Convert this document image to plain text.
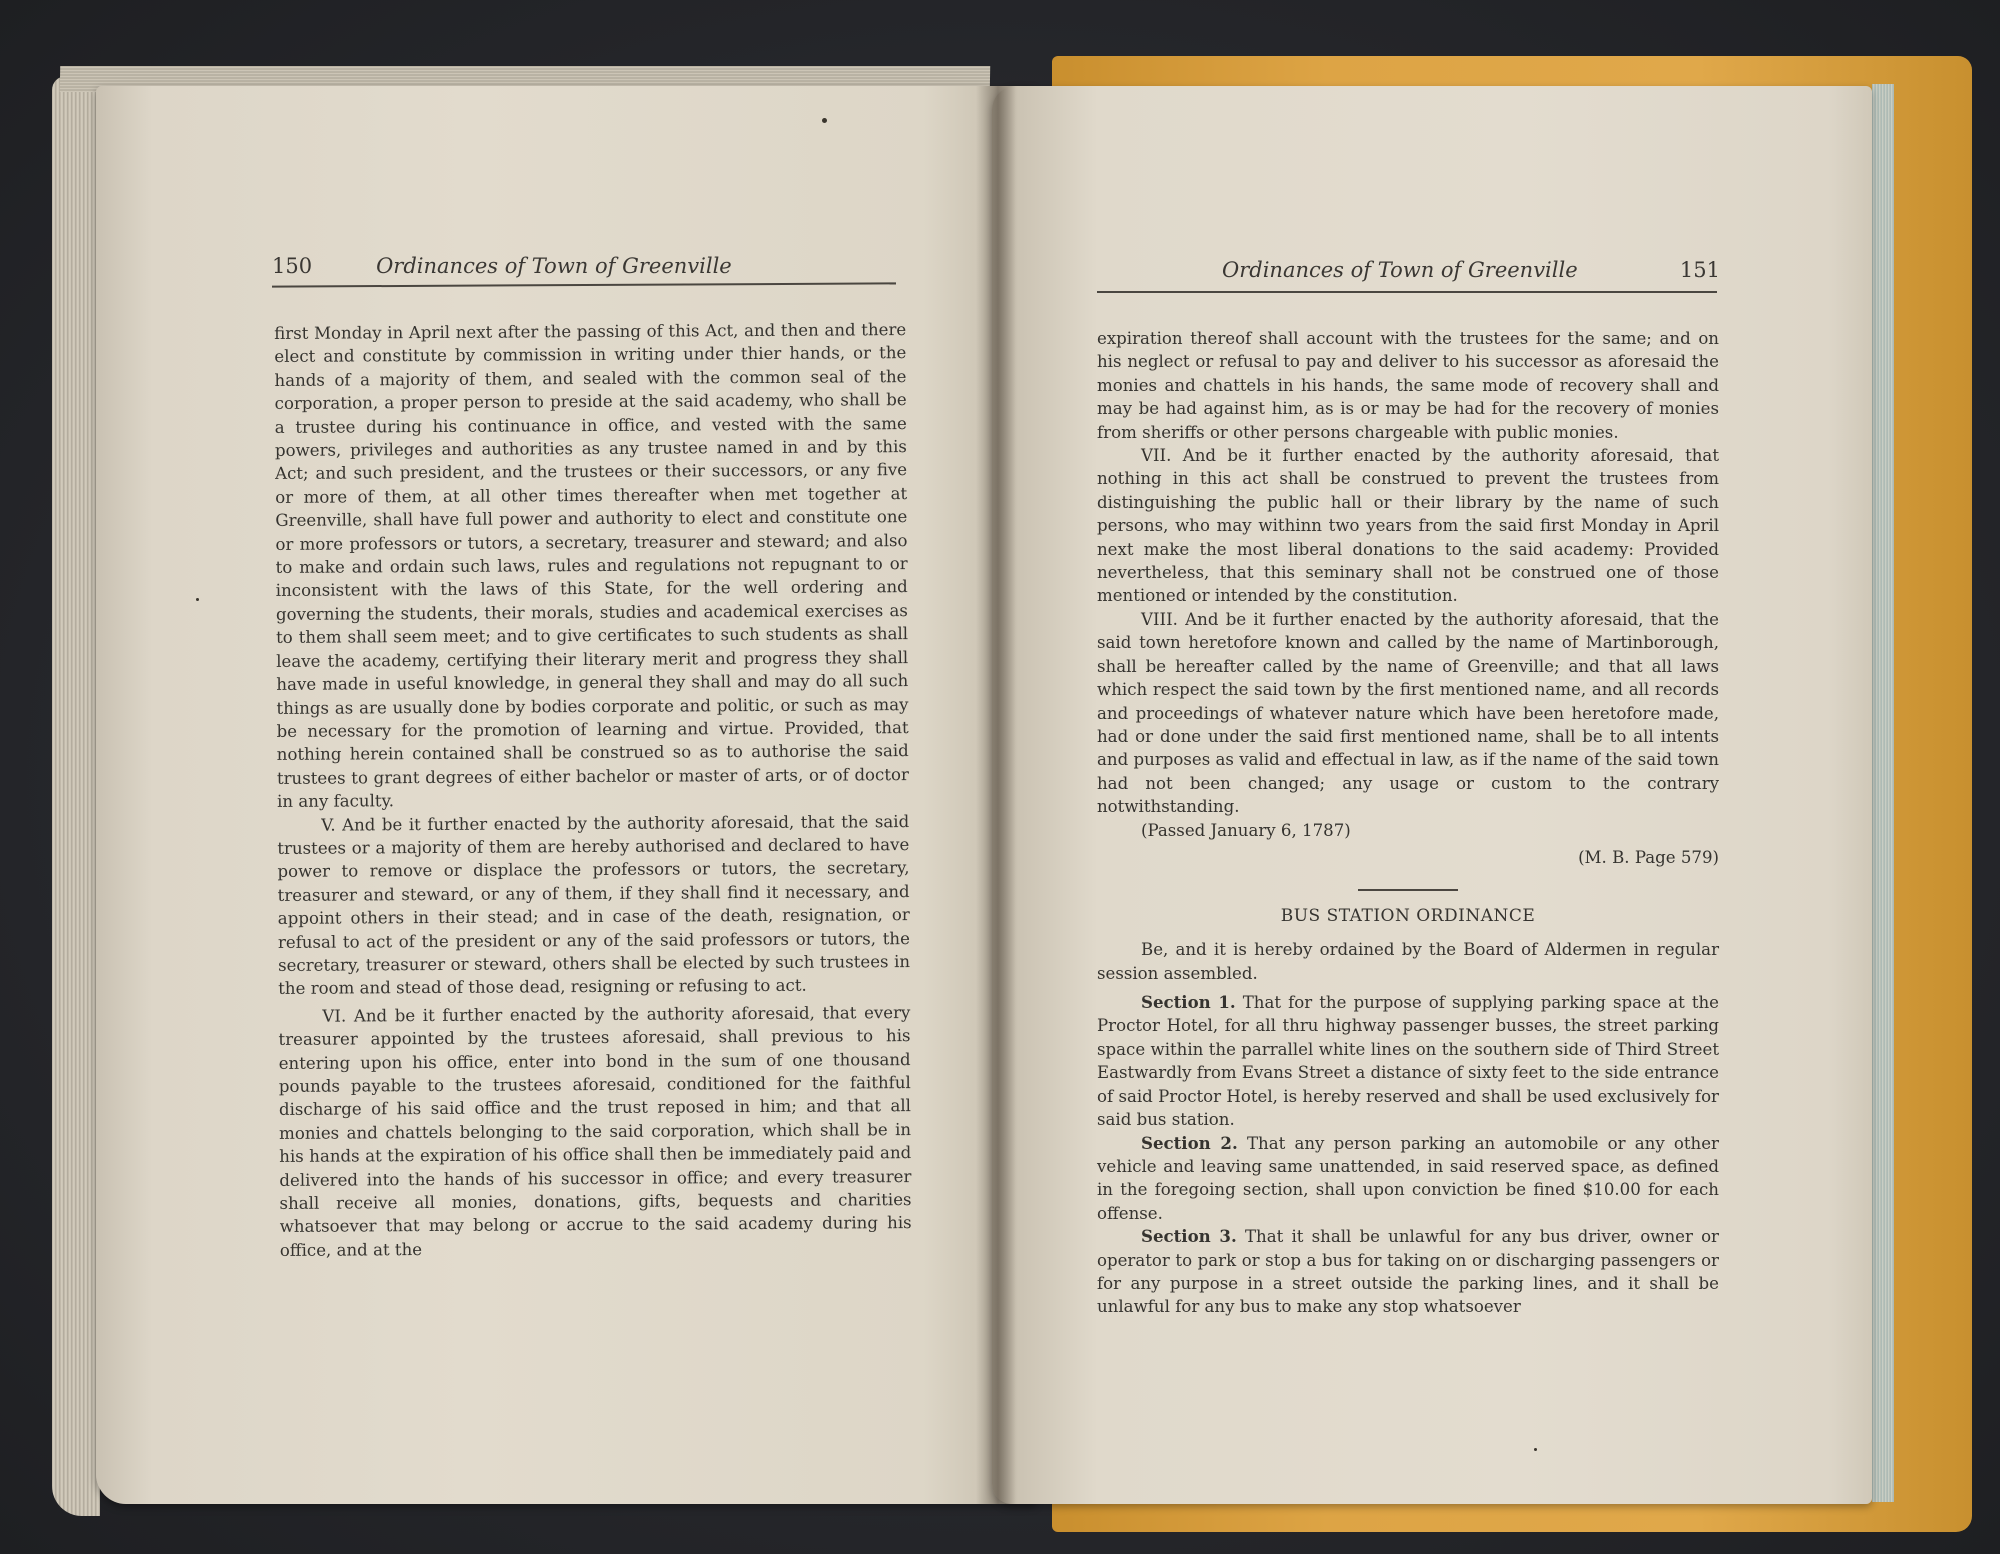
150	Ordinances of Town of Greenville

first Monday in April next after the passing of this Act, and then and there elect and constitute by commission in writing under thier hands, or the hands of a majority of them, and sealed with the common seal of the corporation, a proper person to preside at the said academy, who shall be a trustee during his continuance in office, and vested with the same powers, privileges and authorities as any trustee named in and by this Act; and such president, and the trustees or their successors, or any five or more of them, at all other times thereafter when met together at Greenville, shall have full power and authority to elect and constitute one or more professors or tutors, a secretary, treasurer and steward; and also to make and ordain such laws, rules and regulations not repugnant to or inconsistent with the laws of this State, for the well ordering and governing the students, their morals, studies and academical exercises as to them shall seem meet; and to give certificates to such students as shall leave the academy, certifying their literary merit and progress they shall have made in useful knowledge, in general they shall and may do all such things as are usually done by bodies corporate and politic, or such as may be necessary for the promotion of learning and virtue. Provided, that nothing herein contained shall be construed so as to authorise the said trustees to grant degrees of either bachelor or master of arts, or of doctor in any faculty.

V. And be it further enacted by the authority aforesaid, that the said trustees or a majority of them are hereby authorised and declared to have power to remove or displace the professors or tutors, the secretary, treasurer and steward, or any of them, if they shall find it necessary, and appoint others in their stead; and in case of the death, resignation, or refusal to act of the president or any of the said professors or tutors, the secretary, treasurer or steward, others shall be elected by such trustees in the room and stead of those dead, resigning or refusing to act.

VI. And be it further enacted by the authority aforesaid, that every treasurer appointed by the trustees aforesaid, shall previous to his entering upon his office, enter into bond in the sum of one thousand pounds payable to the trustees aforesaid, conditioned for the faithful discharge of his said office and the trust reposed in him; and that all monies and chattels belonging to the said corporation, which shall be in his hands at the expiration of his office shall then be immediately paid and delivered into the hands of his successor in office; and every treasurer shall receive all monies, donations, gifts, bequests and charities whatsoever that may belong or accrue to the said academy during his office, and at the

Ordinances of Town of Greenville	151

expiration thereof shall account with the trustees for the same; and on his neglect or refusal to pay and deliver to his successor as aforesaid the monies and chattels in his hands, the same mode of recovery shall and may be had against him, as is or may be had for the recovery of monies from sheriffs or other persons chargeable with public monies.

VII. And be it further enacted by the authority aforesaid, that nothing in this act shall be construed to prevent the trustees from distinguishing the public hall or their library by the name of such persons, who may withinn two years from the said first Monday in April next make the most liberal donations to the said academy: Provided nevertheless, that this seminary shall not be construed one of those mentioned or intended by the constitution.

VIII. And be it further enacted by the authority aforesaid, that the said town heretofore known and called by the name of Martinborough, shall be hereafter called by the name of Greenville; and that all laws which respect the said town by the first mentioned name, and all records and proceedings of whatever nature which have been heretofore made, had or done under the said first mentioned name, shall be to all intents and purposes as valid and effectual in law, as if the name of the said town had not been changed; any usage or custom to the contrary notwithstanding.

(Passed January 6, 1787)

(M. B. Page 579)

BUS STATION ORDINANCE

Be, and it is hereby ordained by the Board of Aldermen in regular session assembled.

Section 1. That for the purpose of supplying parking space at the Proctor Hotel, for all thru highway passenger busses, the street parking space within the parrallel white lines on the southern side of Third Street Eastwardly from Evans Street a distance of sixty feet to the side entrance of said Proctor Hotel, is hereby reserved and shall be used exclusively for said bus station.

Section 2. That any person parking an automobile or any other vehicle and leaving same unattended, in said reserved space, as defined in the foregoing section, shall upon conviction be fined $10.00 for each offense.

Section 3. That it shall be unlawful for any bus driver, owner or operator to park or stop a bus for taking on or discharging passengers or for any purpose in a street outside the parking lines, and it shall be unlawful for any bus to make any stop whatsoever
